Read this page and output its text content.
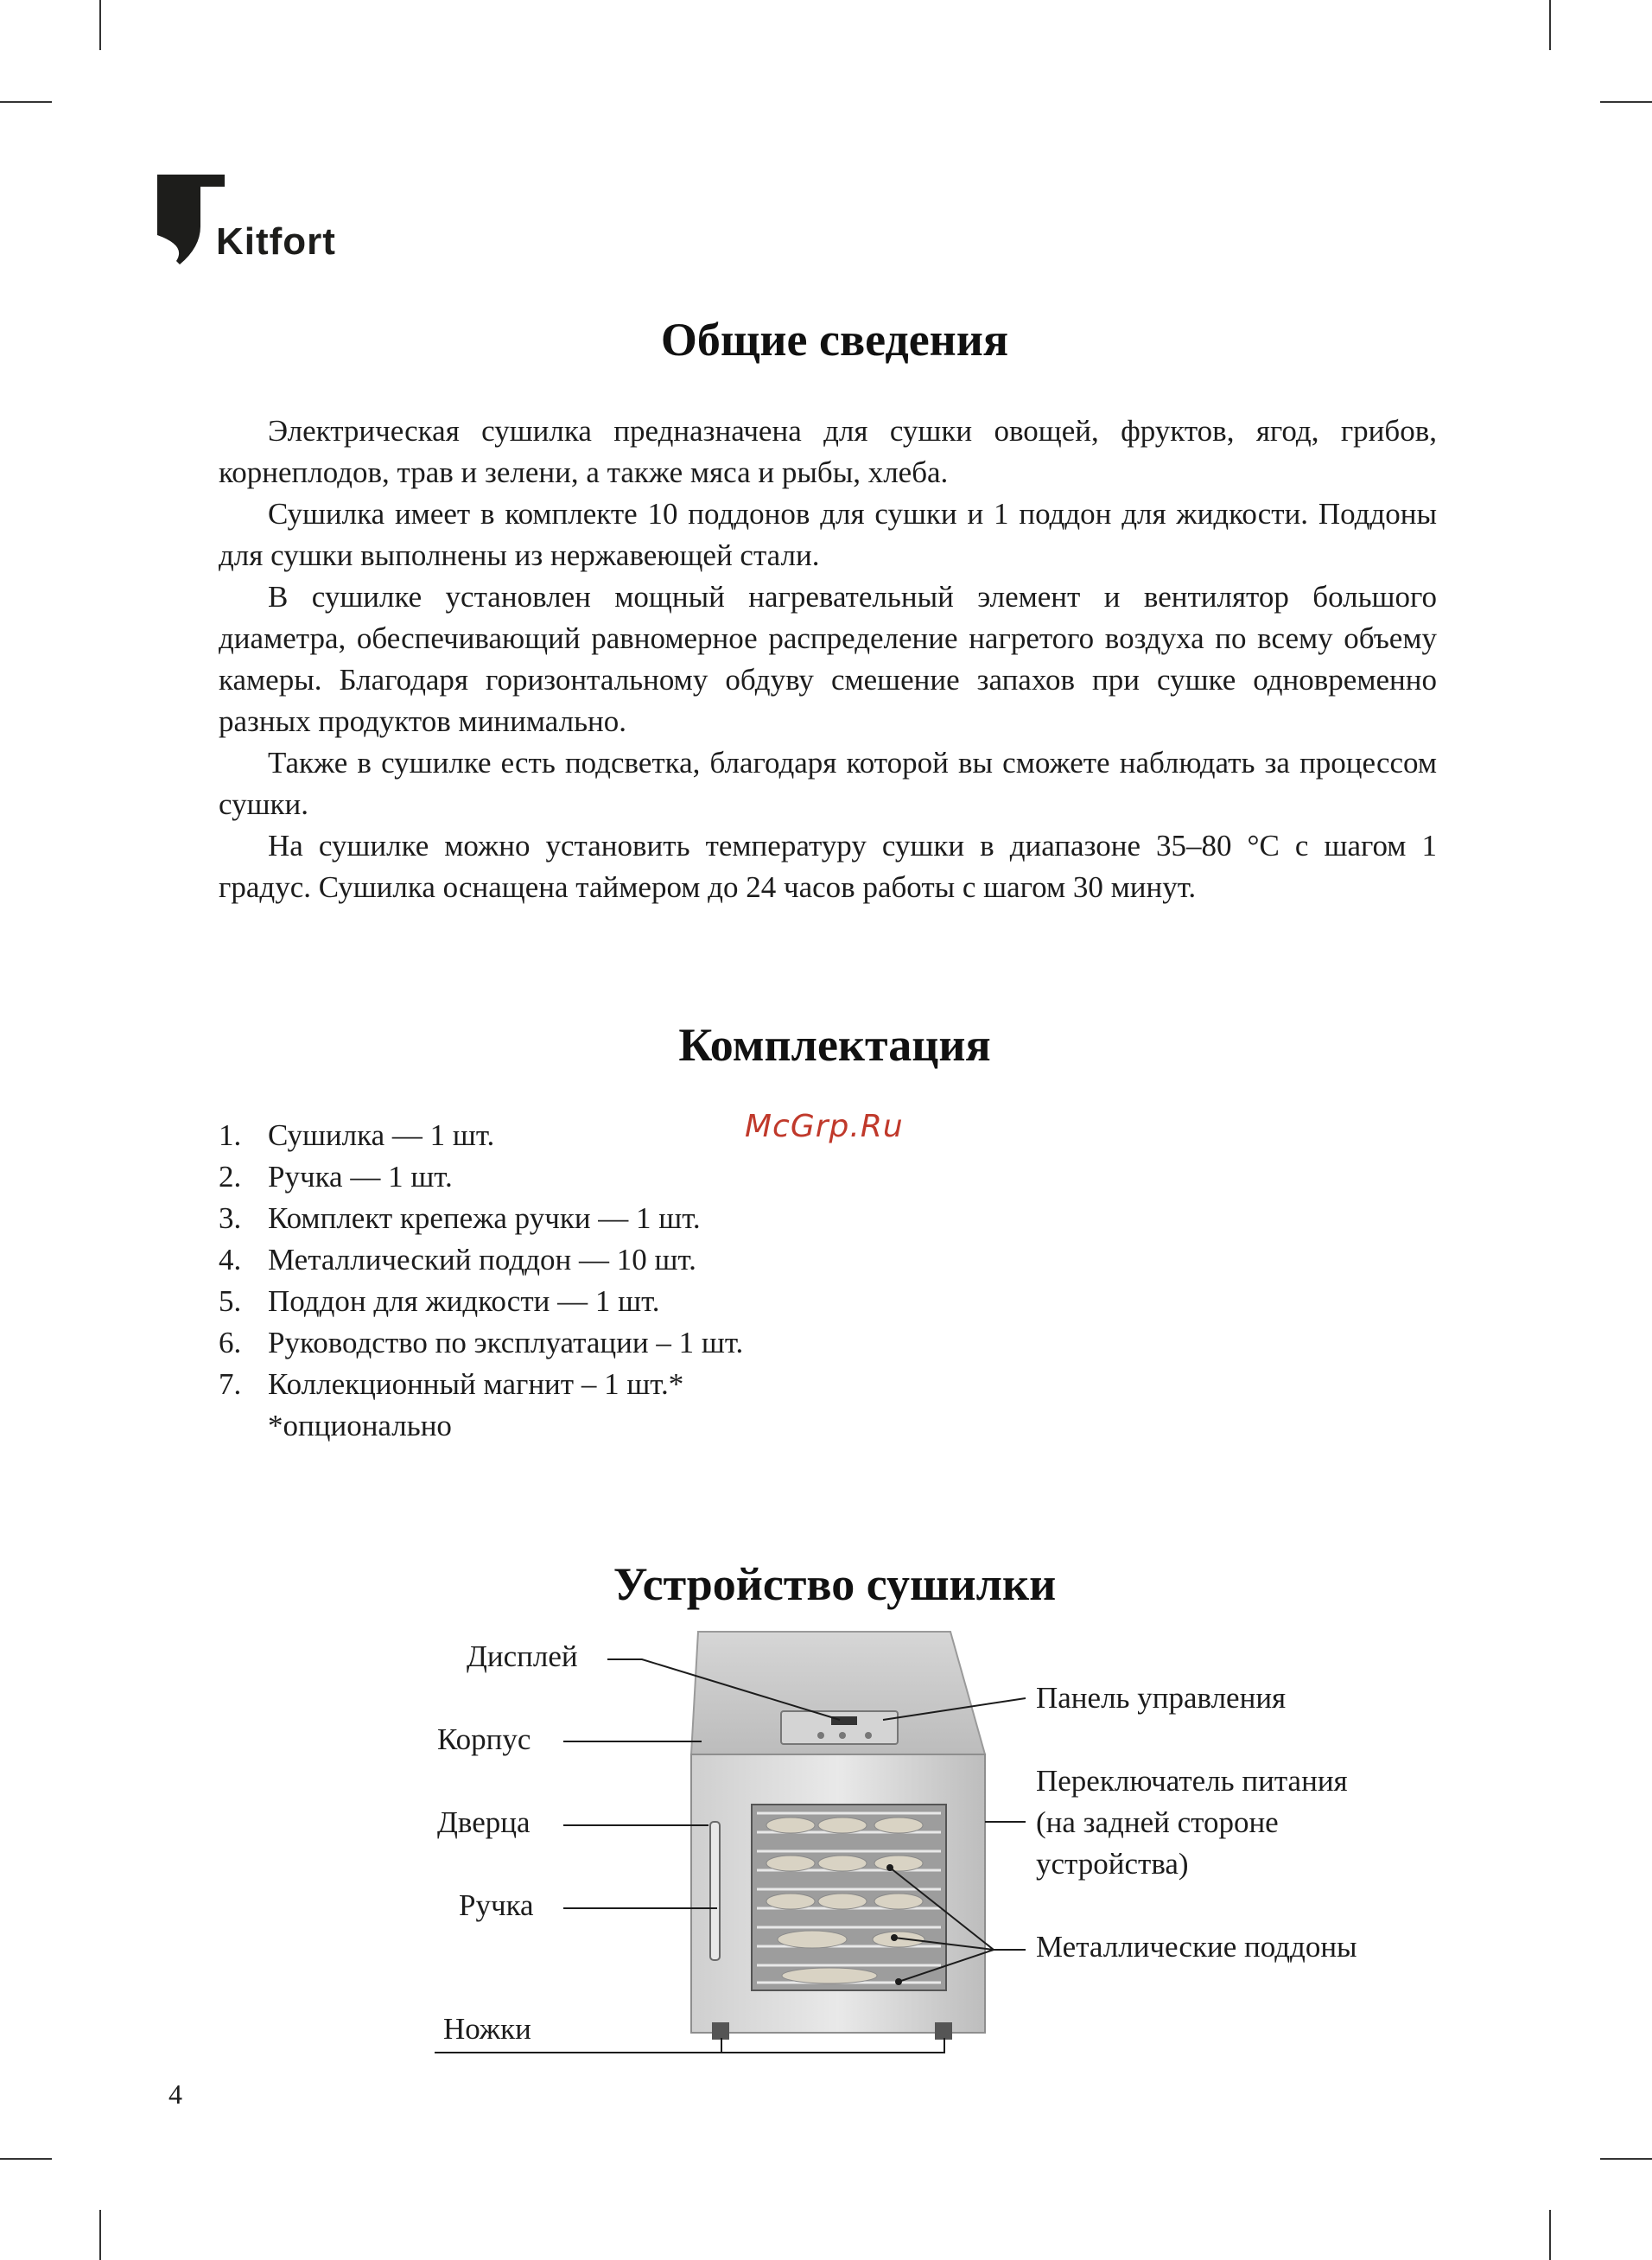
Kitfort
Общие сведения

Электрическая сушилка предназначена для сушки овощей, фруктов, ягод, грибов, корнеплодов, трав и зелени, а также мяса и рыбы, хлеба.

Сушилка имеет в комплекте 10 поддонов для сушки и 1 поддон для жидкости. Поддоны для сушки выполнены из нержавеющей стали.

В сушилке установлен мощный нагревательный элемент и вентилятор большого диаметра, обеспечивающий равномерное распределение нагретого воздуха по всему объему камеры. Благодаря горизонтальному обдуву смешение запахов при сушке одновременно разных продуктов минимально.

Также в сушилке есть подсветка, благодаря которой вы сможете наблюдать за процессом сушки.

На сушилке можно установить температуру сушки в диапазоне 35–80 °С с шагом 1 градус. Сушилка оснащена таймером до 24 часов работы с шагом 30 минут.

Комплектация
1. Сушилка — 1 шт.
2. Ручка — 1 шт.
3. Комплект крепежа ручки — 1 шт.
4. Металлический поддон — 10 шт.
5. Поддон для жидкости — 1 шт.
6. Руководство по эксплуатации – 1 шт.
7. Коллекционный магнит – 1 шт.*
*опционально
McGrp.Ru
Устройство сушилки
Дисплей
Корпус
Дверца
Ручка
Ножки
Панель управления
Переключатель питания
(на задней стороне
устройства)
Металлические поддоны
4
